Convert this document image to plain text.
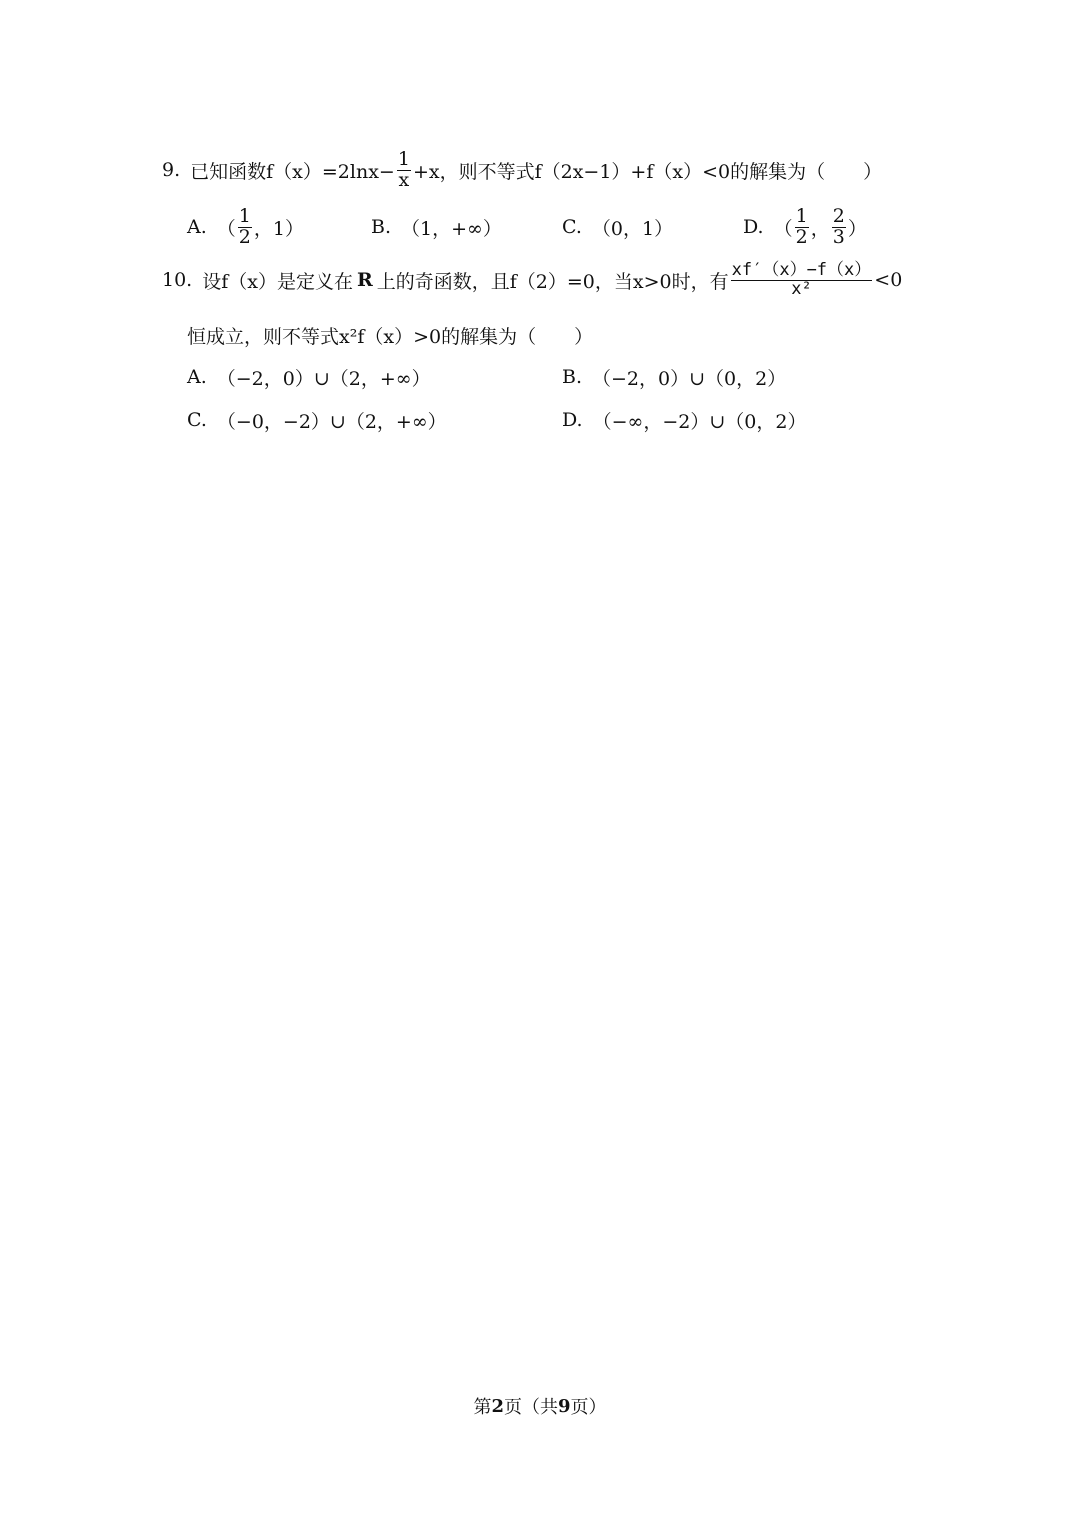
9. 已知函数$f(x)=2\ln x- \frac{1}{x} +x$，则不等式f（2x−1）+f（x）<0的解集为（　　）
A. （ $\frac{1}{2}$ ，1）	B. （1，+∞）	C. （0，1）	D. （ $\frac{1}{2}$ ， $\frac{2}{3}$ ）
10. 设f（x）是定义在 R 上的奇函数，且f（2）=0，当x>0时，有 $\frac{xf'(x)-f(x)}{\text{x²}} <0$
恒成立，则不等式x²f（x）>0的解集为（　　）
A. （−2，0）∪（2，+∞）	B. （−2，0）∪（0，2）
C. （−0，−2）∪（2，+∞）	D. （−∞，−2）∪（0，2）
第 2 页（共 9 页）
